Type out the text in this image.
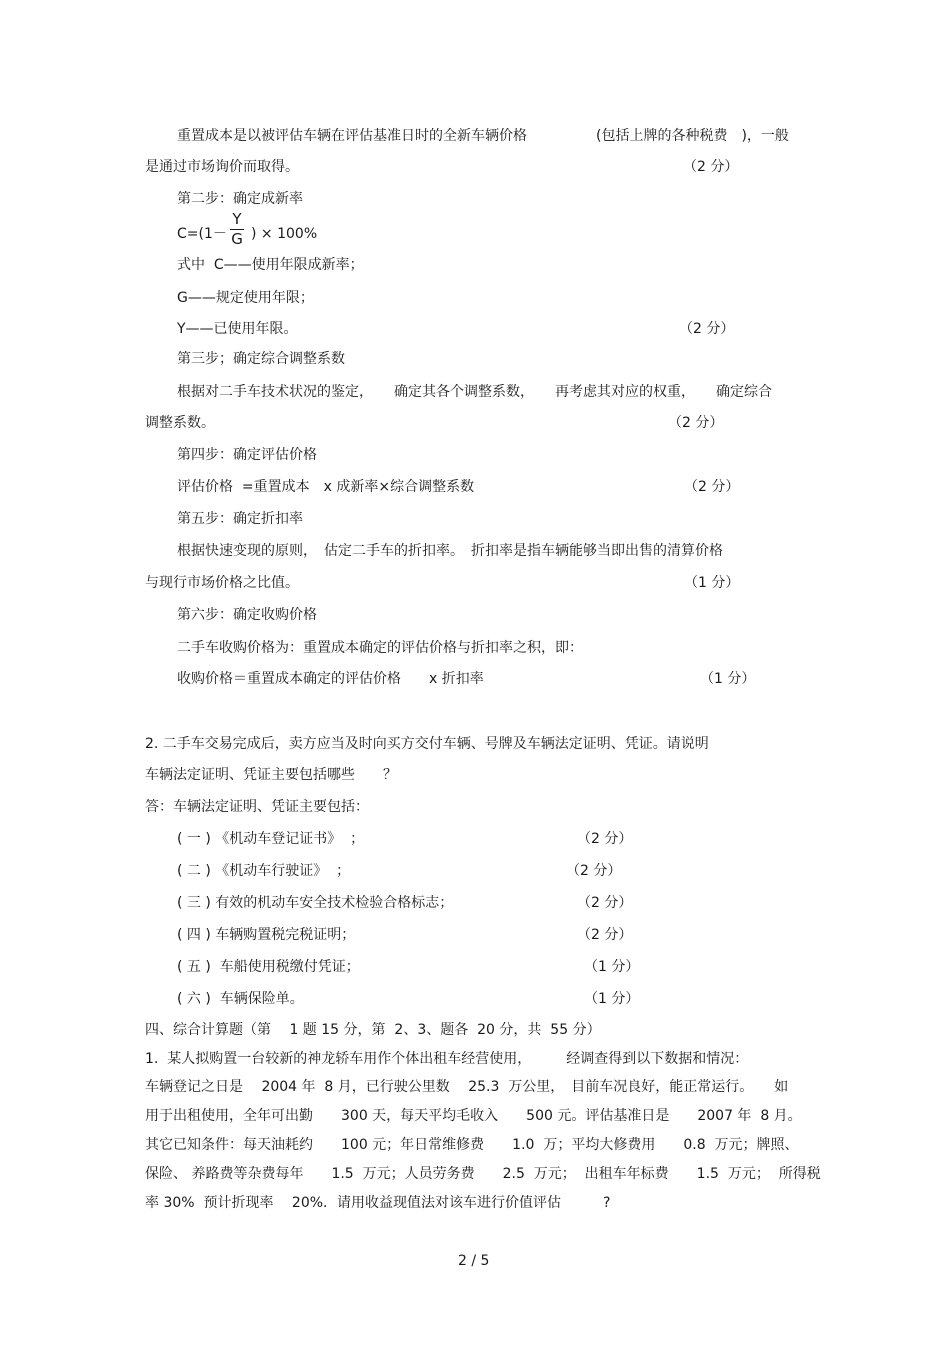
重置成本是以被评估车辆在评估基准日时的全新车辆价格	(包括上牌的各种税费　)，一般
是通过市场询价而取得。	（2 分）
第二步：确定成新率
C=(1－
Y
G ) × 100%
式中  C——使用年限成新率；
G——规定使用年限；
Y——已使用年限。	（2 分）
第三步；确定综合调整系数
根据对二手车技术状况的鉴定，　　确定其各个调整系数，　　再考虑其对应的权重，　　确定综合
调整系数。	（2 分）
第四步：确定评估价格
评估价格  =重置成本　x 成新率×综合调整系数	（2 分）
第五步：确定折扣率
根据快速变现的原则，　估定二手车的折扣率。　折扣率是指车辆能够当即出售的清算价格
与现行市场价格之比值。	（1 分）
第六步：确定收购价格
二手车收购价格为：重置成本确定的评估价格与折扣率之积，即：
收购价格＝重置成本确定的评估价格　　x 折扣率	（1 分）
2. 二手车交易完成后，卖方应当及时向买方交付车辆、号牌及车辆法定证明、凭证。请说明
车辆法定证明、凭证主要包括哪些　　？
答：车辆法定证明、凭证主要包括：
( 一 ) 《机动车登记证书》  ；	（2 分）
( 二 ) 《机动车行驶证》  ；	（2 分）
( 三 ) 有效的机动车安全技术检验合格标志；	（2 分）
( 四 ) 车辆购置税完税证明；	（2 分）
( 五 )  车船使用税缴付凭证；	（1 分）
( 六 )  车辆保险单。	（1 分）
四、综合计算题（第　 1 题 15 分，第  2、3、题各  20 分，共  55 分）
1.  某人拟购置一台较新的神龙轿车用作个体出租车经营使用，　　　经调查得到以下数据和情况：
车辆登记之日是　 2004 年  8 月，已行驶公里数　 25.3  万公里，　目前车况良好，能正常运行。　　如
用于出租使用，全年可出勤　　300 天，每天平均毛收入　　500 元。评估基准日是　　2007 年  8 月。
其它已知条件：每天油耗约　　100 元；年日常维修费　　1.0  万；平均大修费用　　0.8  万元；牌照、
保险、 养路费等杂费每年　　1.5  万元；人员劳务费　　2.5  万元；  出租车年标费　　1.5  万元；  所得税
率 30%  预计折现率　 20%．请用收益现值法对该车进行价值评估　　　?
2 / 5
